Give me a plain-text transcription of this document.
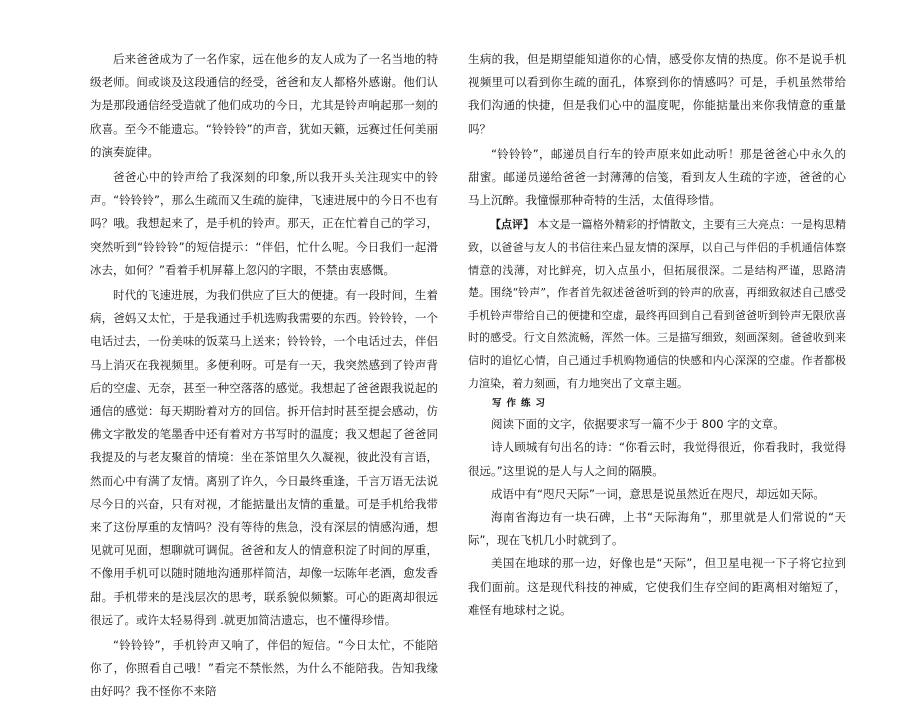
后来爸爸成为了一名作家，远在他乡的友人成为了一名当地的特级老师。间或谈及这段通信的经受，爸爸和友人都格外感谢。他们认为是那段通信经受造就了他们成功的今日，尤其是铃声响起那一刻的欣喜。至今不能遗忘。“铃铃铃”的声音，犹如天籁，远赛过任何美丽 的演奏旋律。

爸爸心中的铃声给了我深刻的印象,所以我开头关注现实中的铃声。“铃铃铃”，那么生疏而又生疏的旋律，飞速进展中的今日不也有吗？哦。我想起来了，是手机的铃声。那天，正在忙着自己的学习，突然听到“铃铃铃”的短信提示：“伴侣，忙什么呢。今日我们一起滑冰去，如何？”看着手机屏幕上忽闪的字眼，不禁由衷感慨。

时代的飞速进展，为我们供应了巨大的便捷。有一段时间，生着病，爸妈又太忙，于是我通过手机选购我需要的东西。铃铃铃，一个电话过去，一份美味的饭菜马上送来；铃铃铃，一个电话过去，伴侣马上消灭在我视频里。多便利呀。可是有一天，我突然感到了铃声背后的空虚、无奈，甚至一种空落落的感觉。我想起了爸爸跟我说起的通信的感觉：每天期盼着对方的回信。拆开信封时甚至提会感动，仿佛文字散发的笔墨香中还有着对方书写时的温度；我又想起了爸爸同我提及的与老友聚首的情境：坐在茶馆里久久凝视，彼此没有言语，然而心中有满了友情。离别了许久，今日最终重逢，千言万语无法说尽今日的兴奋，只有对视，才能掂量出友情的重量。可是手机给我带来了这份厚重的友情吗？没有等待的焦急，没有深层的情感沟通，想见就可见面，想聊就可调侃。爸爸和友人的情意积淀了时间的厚重，不像用手机可以随时随地沟通那样简洁，却像一坛陈年老酒，愈发香甜。手机带来的是浅层次的思考，联系貌似频繁。可心的距离却很远很远了。或许太轻易得到 .就更加简洁遗忘，也不懂得珍惜。

“铃铃铃”，手机铃声又响了，伴侣的短信。“今日太忙，不能陪你了，你照看自己哦！”看完不禁怅然，为什么不能陪我。告知我缘由好吗？我不怪你不来陪

生病的我，但是期望能知道你的心情，感受你友情的热度。你不是说手机视频里可以看到你生疏的面孔，体察到你的情感吗？可是，手机虽然带给我们沟通的快捷，但是我们心中的温度呢，你能掂量出来你我情意的重量吗？

“铃铃铃”，邮递员自行车的铃声原来如此动听！那是爸爸心中永久的甜蜜。邮递员递给爸爸一封薄薄的信笺，看到友人生疏的字迹，爸爸的心马上沉醉。我憧憬那种奇特的生活，太值得珍惜。

【点评】 本文是一篇格外精彩的抒情散文，主要有三大亮点：一是构思精致，以爸爸与友人的书信往来凸显友情的深厚，以自己与伴侣的手机通信体察情意的浅薄，对比鲜亮，切入点虽小，但拓展很深。二是结构严谨，思路清楚。围绕“铃声”，作者首先叙述爸爸听到的铃声的欣喜，再细致叙述自己感受手机铃声带给自己的便捷和空虚，最终再回到自己看到爸爸听到铃声无限欣喜时的感受。行文自然流畅，浑然一体。三是描写细致，刻画深刻。爸爸收到来信时的追忆心情，自己通过手机购物通信的快感和内心深深的空虚。作者都极力渲染，着力刻画，有力地突出了文章主题。

写作练习

阅读下面的文字，依据要求写一篇不少于 800 字的文章。

诗人顾城有句出名的诗：“你看云时，我觉得很近，你看我时，我觉得很远。”这里说的是人与人之间的隔膜。

成语中有“咫尺天际”一词，意思是说虽然近在咫尺，却远如天际。

海南省海边有一块石碑，上书“天际海角”，那里就是人们常说的“天际”，现在飞机几小时就到了。

美国在地球的那一边，好像也是“天际”，但卫星电视一下子将它拉到我们面前。这是现代科技的神威，它使我们生存空间的距离相对缩短了，难怪有地球村之说。
